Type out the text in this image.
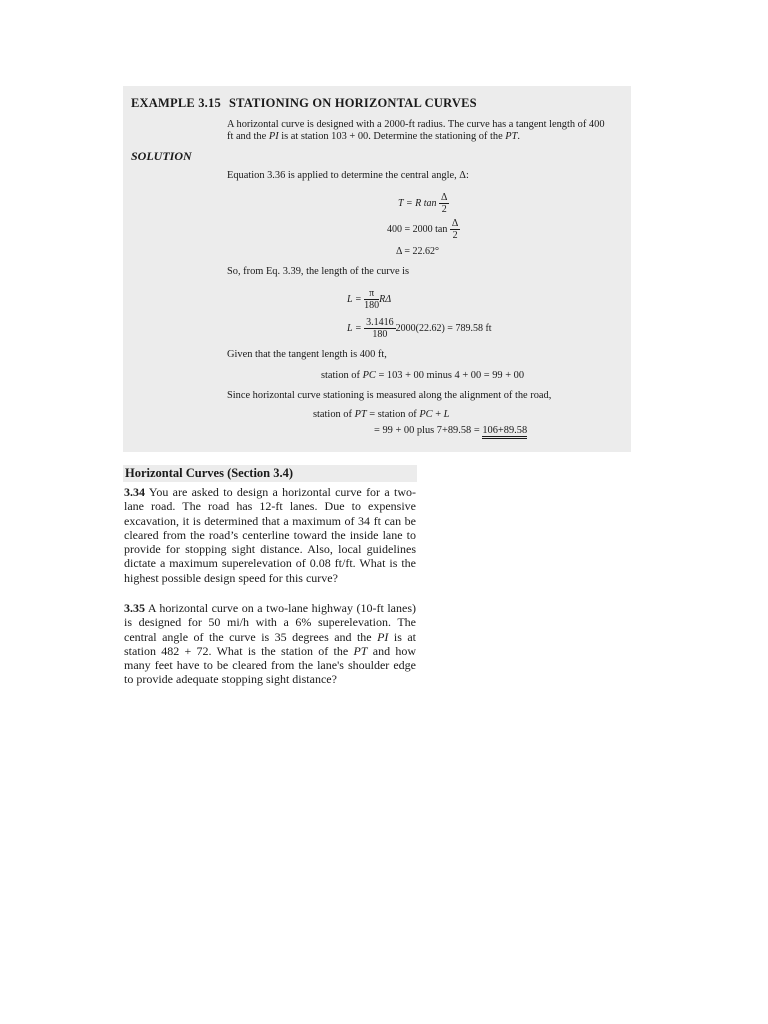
EXAMPLE 3.15 STATIONING ON HORIZONTAL CURVES
A horizontal curve is designed with a 2000-ft radius. The curve has a tangent length of 400
ft and the PI is at station 103 + 00. Determine the stationing of the PT.
SOLUTION
Equation 3.36 is applied to determine the central angle, Δ:
T = R $\tan \frac{\Delta}{2}$
400 = 2000 $\tan \frac{\Delta}{2}$
Δ = 22.62°
So, from Eq. 3.39, the length of the curve is
$L = \frac{\pi}{180}$ RΔ
$L = \frac{3.1416}{180} 2000(22.62) = 789.58$ ft
Given that the tangent length is 400 ft,
station of PC = 103 + 00 minus 4 + 00 = 99 + 00
Since horizontal curve stationing is measured along the alignment of the road,
station of PT = station of PC + L
= 99 + 00 plus 7+89.58 = 106+89.58
Horizontal Curves (Section 3.4)
3.34 You are asked to design a horizontal curve for a two-lane road. The road has 12-ft lanes. Due to expensive excavation, it is determined that a maximum of 34 ft can be cleared from the road’s centerline toward the inside lane to provide for stopping sight distance. Also, local guidelines dictate a maximum superelevation of 0.08 ft/ft. What is the highest possible design speed for this curve?
3.35 A horizontal curve on a two-lane highway (10-ft lanes) is designed for 50 mi/h with a 6% superelevation. The central angle of the curve is 35 degrees and the PI is at station 482 + 72. What is the station of the PT and how many feet have to be cleared from the lane's shoulder edge to provide adequate stopping sight distance?
